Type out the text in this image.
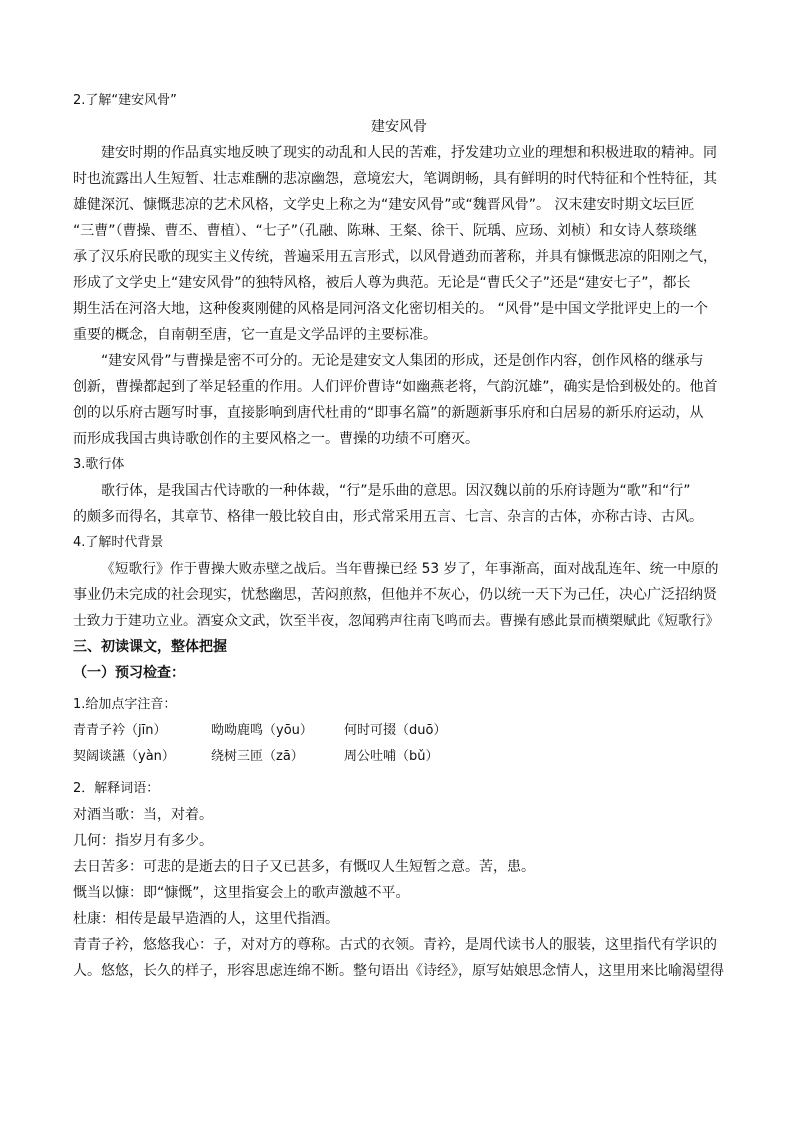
2.了解“建安风骨”
建安风骨
建安时期的作品真实地反映了现实的动乱和人民的苦难，抒发建功立业的理想和积极进取的精神。同
时也流露出人生短暂、壮志难酬的悲凉幽怨，意境宏大，笔调朗畅，具有鲜明的时代特征和个性特征，其
雄健深沉、慷慨悲凉的艺术风格，文学史上称之为“建安风骨”或“魏晋风骨”。 汉末建安时期文坛巨匠
“三曹”（曹操、曹丕、曹植）、“七子”（孔融、陈琳、王粲、徐干、阮瑀、应玚、刘桢）和女诗人蔡琰继
承了汉乐府民歌的现实主义传统，普遍采用五言形式，以风骨遒劲而著称，并具有慷慨悲凉的阳刚之气，
形成了文学史上“建安风骨”的独特风格，被后人尊为典范。无论是“曹氏父子”还是“建安七子”，都长
期生活在河洛大地，这种俊爽刚健的风格是同河洛文化密切相关的。 “风骨”是中国文学批评史上的一个
重要的概念，自南朝至唐，它一直是文学品评的主要标准。
“建安风骨”与曹操是密不可分的。无论是建安文人集团的形成，还是创作内容，创作风格的继承与
创新，曹操都起到了举足轻重的作用。人们评价曹诗“如幽燕老将，气韵沉雄”，确实是恰到极处的。他首
创的以乐府古题写时事，直接影响到唐代杜甫的“即事名篇”的新题新事乐府和白居易的新乐府运动，从
而形成我国古典诗歌创作的主要风格之一。曹操的功绩不可磨灭。
3.歌行体
歌行体，是我国古代诗歌的一种体裁，“行”是乐曲的意思。因汉魏以前的乐府诗题为“歌”和“行”
的颇多而得名，其章节、格律一般比较自由，形式常采用五言、七言、杂言的古体，亦称古诗、古风。
4.了解时代背景
《短歌行》作于曹操大败赤壁之战后。当年曹操已经 53 岁了，年事渐高，面对战乱连年、统一中原的
事业仍未完成的社会现实，忧愁幽思，苦闷煎熬，但他并不灰心，仍以统一天下为己任，决心广泛招纳贤
士致力于建功立业。酒宴众文武，饮至半夜，忽闻鸦声往南飞鸣而去。曹操有感此景而横槊赋此《短歌行》
三、初读课文，整体把握
（一）预习检查：
1.给加点字注音：
青青子衿（jīn）	呦呦鹿鸣（yōu）	何时可掇（duō）
契阔谈讌（yàn）	绕树三匝（zā）	周公吐哺（bǔ）
2．解释词语：
对酒当歌：当，对着。
几何：指岁月有多少。
去日苦多：可悲的是逝去的日子又已甚多，有慨叹人生短暂之意。苦，患。
慨当以慷：即“慷慨”，这里指宴会上的歌声激越不平。
杜康：相传是最早造酒的人，这里代指酒。
青青子衿，悠悠我心：子，对对方的尊称。古式的衣领。青衿，是周代读书人的服装，这里指代有学识的
人。悠悠，长久的样子，形容思虑连绵不断。整句语出《诗经》，原写姑娘思念情人，这里用来比喻渴望得
